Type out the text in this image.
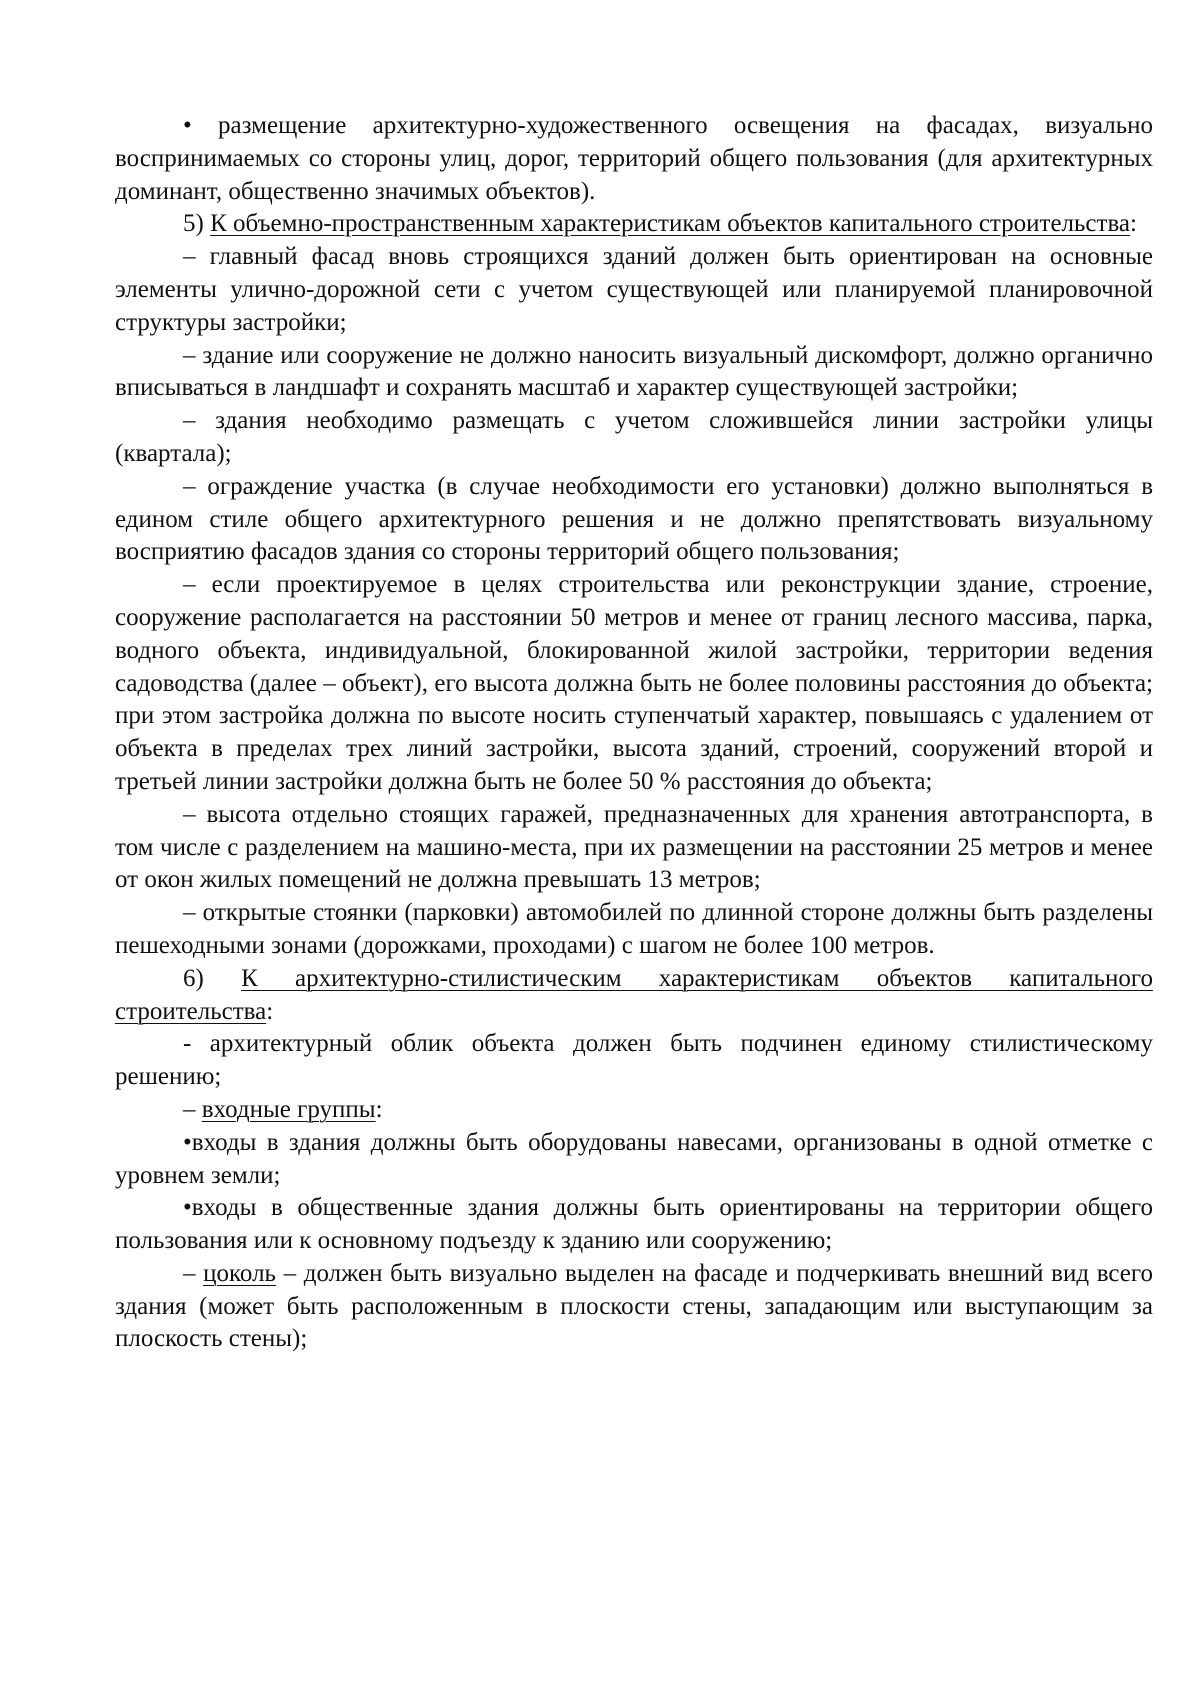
• размещение архитектурно-художественного освещения на фасадах, визуально воспринимаемых со стороны улиц, дорог, территорий общего пользования (для архитектурных доминант, общественно значимых объектов).

5) К объемно-пространственным характеристикам объектов капитального строительства:

– главный фасад вновь строящихся зданий должен быть ориентирован на основные элементы улично-дорожной сети с учетом существующей или планируемой планировочной структуры застройки;

– здание или сооружение не должно наносить визуальный дискомфорт, должно органично вписываться в ландшафт и сохранять масштаб и характер существующей застройки;

– здания необходимо размещать с учетом сложившейся линии застройки улицы (квартала);

– ограждение участка (в случае необходимости его установки) должно выполняться в едином стиле общего архитектурного решения и не должно препятствовать визуальному восприятию фасадов здания со стороны территорий общего пользования;

– если проектируемое в целях строительства или реконструкции здание, строение, сооружение располагается на расстоянии 50 метров и менее от границ лесного массива, парка, водного объекта, индивидуальной, блокированной жилой застройки, территории ведения садоводства (далее – объект), его высота должна быть не более половины расстояния до объекта; при этом застройка должна по высоте носить ступенчатый характер, повышаясь с удалением от объекта в пределах трех линий застройки, высота зданий, строений, сооружений второй и третьей линии застройки должна быть не более 50 % расстояния до объекта;

– высота отдельно стоящих гаражей, предназначенных для хранения автотранспорта, в том числе с разделением на машино-места, при их размещении на расстоянии 25 метров и менее от окон жилых помещений не должна превышать 13 метров;

– открытые стоянки (парковки) автомобилей по длинной стороне должны быть разделены пешеходными зонами (дорожками, проходами) с шагом не более 100 метров.

6) К архитектурно-стилистическим характеристикам объектов капитального строительства:

- архитектурный облик объекта должен быть подчинен единому стилистическому решению;

– входные группы:

•входы в здания должны быть оборудованы навесами, организованы в одной отметке с уровнем земли;

•входы в общественные здания должны быть ориентированы на территории общего пользования или к основному подъезду к зданию или сооружению;

– цоколь – должен быть визуально выделен на фасаде и подчеркивать внешний вид всего здания (может быть расположенным в плоскости стены, западающим или выступающим за плоскость стены);
